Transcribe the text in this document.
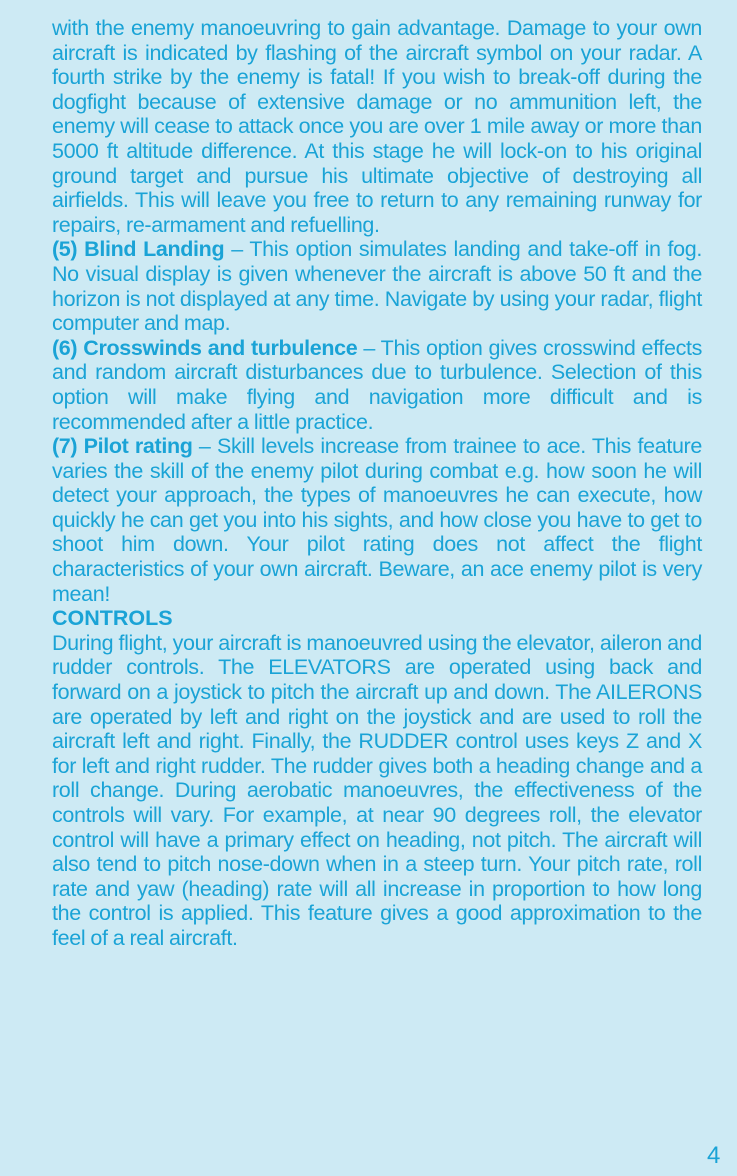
with the enemy manoeuvring to gain advantage. Damage to your own aircraft is indicated by flashing of the aircraft symbol on your radar. A fourth strike by the enemy is fatal! If you wish to break-off during the dogfight because of extensive damage or no ammunition left, the enemy will cease to attack once you are over 1 mile away or more than 5000 ft altitude difference. At this stage he will lock-on to his original ground target and pursue his ultimate objective of destroying all airfields. This will leave you free to return to any remaining runway for repairs, re-armament and refuelling.

(5) Blind Landing – This option simulates landing and take-off in fog. No visual display is given whenever the aircraft is above 50 ft and the horizon is not displayed at any time. Navigate by using your radar, flight computer and map.

(6) Crosswinds and turbulence – This option gives crosswind effects and random aircraft disturbances due to turbulence. Selection of this option will make flying and navigation more difficult and is recommended after a little practice.

(7) Pilot rating – Skill levels increase from trainee to ace. This feature varies the skill of the enemy pilot during combat e.g. how soon he will detect your approach, the types of manoeuvres he can execute, how quickly he can get you into his sights, and how close you have to get to shoot him down. Your pilot rating does not affect the flight characteristics of your own aircraft. Beware, an ace enemy pilot is very mean!

CONTROLS

During flight, your aircraft is manoeuvred using the elevator, aileron and rudder controls. The ELEVATORS are operated using back and forward on a joystick to pitch the aircraft up and down. The AILERONS are operated by left and right on the joystick and are used to roll the aircraft left and right. Finally, the RUDDER control uses keys Z and X for left and right rudder. The rudder gives both a heading change and a roll change. During aerobatic manoeuvres, the effectiveness of the controls will vary. For example, at near 90 degrees roll, the elevator control will have a primary effect on heading, not pitch. The aircraft will also tend to pitch nose-down when in a steep turn. Your pitch rate, roll rate and yaw (heading) rate will all increase in proportion to how long the control is applied. This feature gives a good approximation to the feel of a real aircraft.

4
